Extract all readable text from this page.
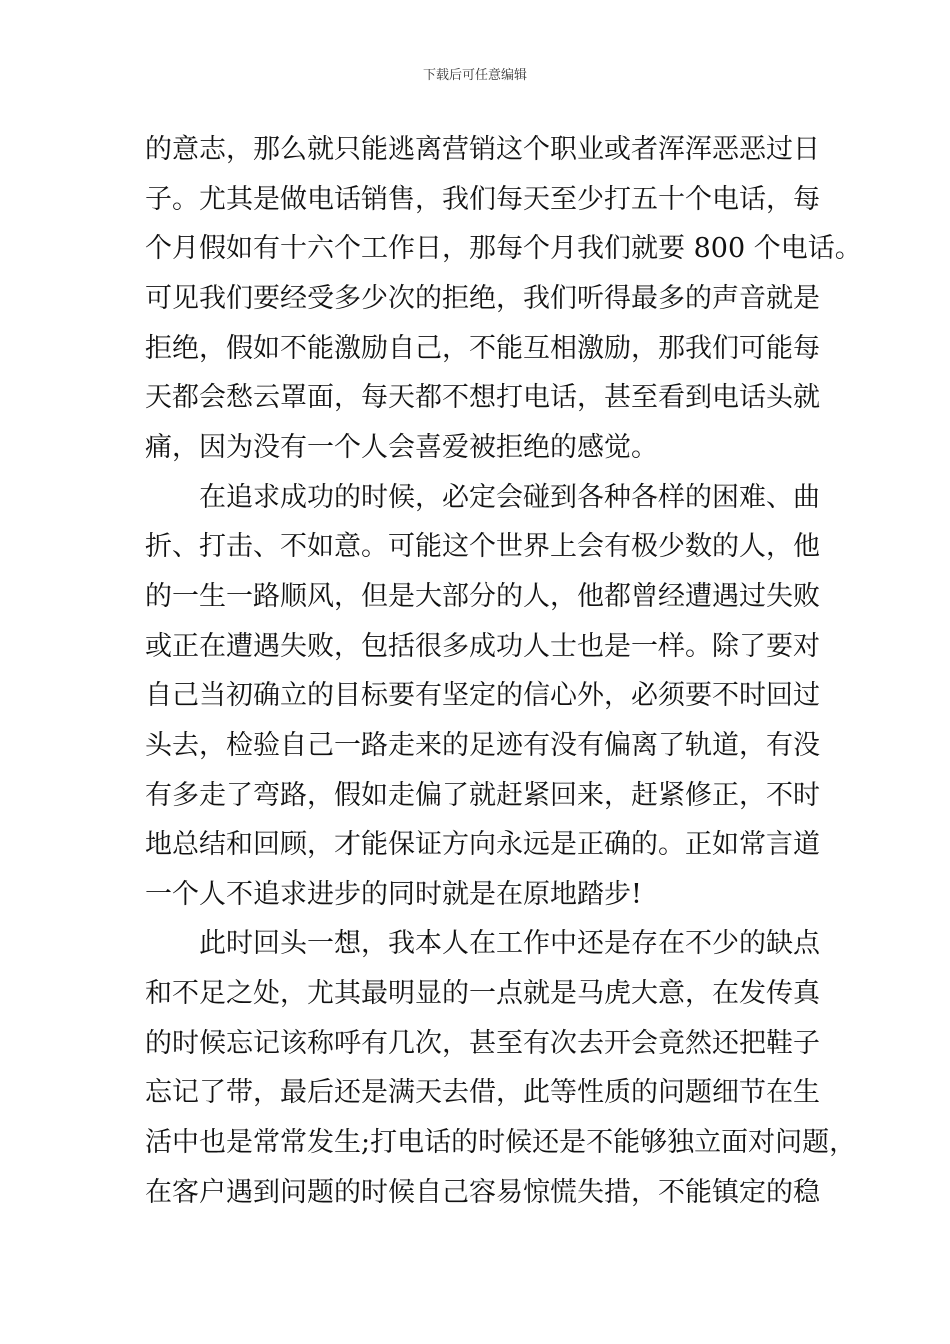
下载后可任意编辑
的意志，那么就只能逃离营销这个职业或者浑浑恶恶过日
子。尤其是做电话销售，我们每天至少打五十个电话，每
个月假如有十六个工作日，那每个月我们就要 800 个电话。
可见我们要经受多少次的拒绝，我们听得最多的声音就是
拒绝，假如不能激励自己，不能互相激励，那我们可能每
天都会愁云罩面，每天都不想打电话，甚至看到电话头就
痛，因为没有一个人会喜爱被拒绝的感觉。
在追求成功的时候，必定会碰到各种各样的困难、曲
折、打击、不如意。可能这个世界上会有极少数的人，他
的一生一路顺风，但是大部分的人，他都曾经遭遇过失败
或正在遭遇失败，包括很多成功人士也是一样。除了要对
自己当初确立的目标要有坚定的信心外，必须要不时回过
头去，检验自己一路走来的足迹有没有偏离了轨道，有没
有多走了弯路，假如走偏了就赶紧回来，赶紧修正，不时
地总结和回顾，才能保证方向永远是正确的。正如常言道
一个人不追求进步的同时就是在原地踏步!
此时回头一想，我本人在工作中还是存在不少的缺点
和不足之处，尤其最明显的一点就是马虎大意，在发传真
的时候忘记该称呼有几次，甚至有次去开会竟然还把鞋子
忘记了带，最后还是满天去借，此等性质的问题细节在生
活中也是常常发生;打电话的时候还是不能够独立面对问题，
在客户遇到问题的时候自己容易惊慌失措，不能镇定的稳
